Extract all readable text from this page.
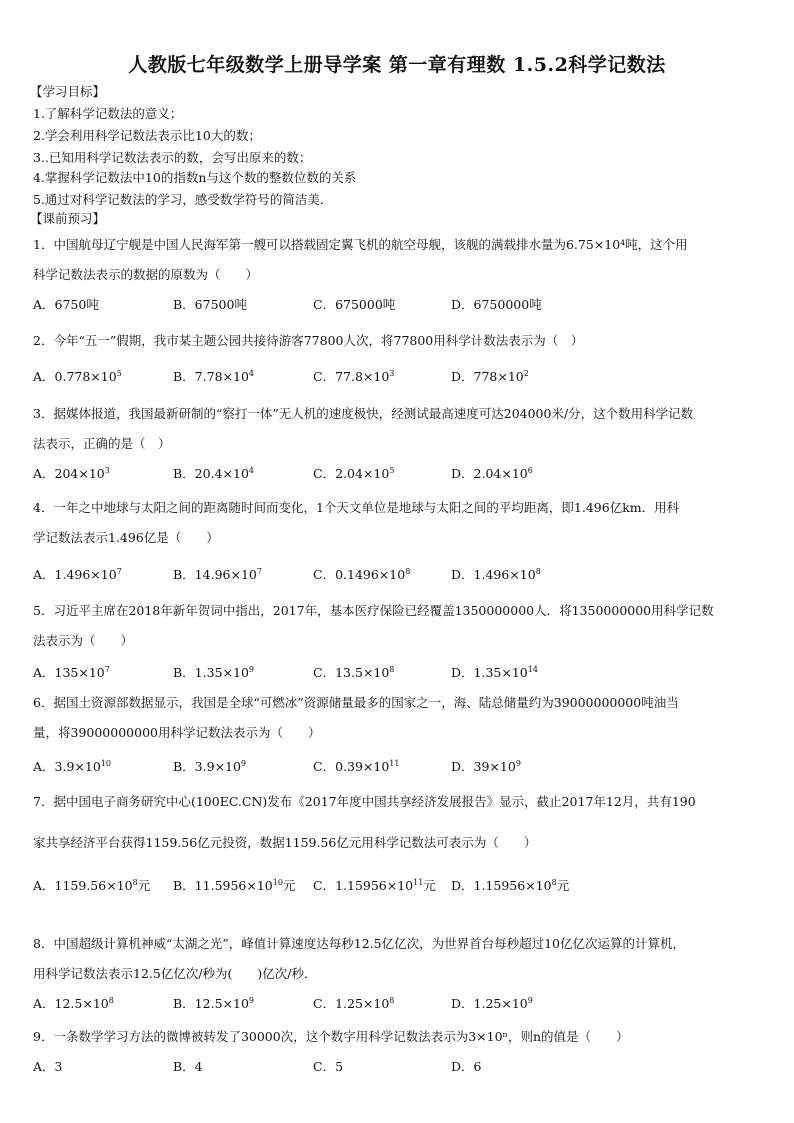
人教版七年级数学上册导学案 第一章有理数 1.5.2科学记数法
【学习目标】
1.了解科学记数法的意义；
2.学会利用科学记数法表示比10大的数；
3..已知用科学记数法表示的数，会写出原来的数；
4.掌握科学记数法中10的指数n与这个数的整数位数的关系
5.通过对科学记数法的学习，感受数学符号的简洁美．
【课前预习】
1．中国航母辽宁舰是中国人民海军第一艘可以搭载固定翼飞机的航空母舰，该舰的满载排水量为6.75×10⁴吨，这个用
科学记数法表示的数据的原数为（　　）
A．6750吨	B．67500吨	C．675000吨	D．6750000吨
2．今年“五一”假期，我市某主题公园共接待游客77800人次，将77800用科学计数法表示为（　）
A．$0.778\times 10^5$	B．$7.78\times 10^4$	C．$77.8\times 10^3$	D．$778\times 10^2$
3．据媒体报道，我国最新研制的“察打一体”无人机的速度极快，经测试最高速度可达204000米/分，这个数用科学记数
法表示，正确的是（　）
A．$204\times 10^3$	B．$20.4\times 10^4$	C．$2.04\times 10^5$	D．$2.04\times 10^6$
4．一年之中地球与太阳之间的距离随时间而变化，1个天文单位是地球与太阳之间的平均距离，即1.496亿km．用科
学记数法表示1.496亿是（　　）
A．$1.496\times 10^7$	B．$14.96\times 10^7$	C．$0.1496\times 10^8$	D．$1.496\times 10^8$
5．习近平主席在2018年新年贺词中指出，2017年，基本医疗保险已经覆盖1350000000人．将1350000000用科学记数
法表示为（　　）
A．$135\times 10^7$	B．$1.35\times 10^9$	C．$13.5\times 10^8$	D．$1.35\times 10^{14}$
6．据国土资源部数据显示，我国是全球“可燃冰”资源储量最多的国家之一，海、陆总储量约为39000000000吨油当
量，将39000000000用科学记数法表示为（　　）
A．$3.9\times 10^{10}$	B．$3.9\times 10^9$	C．$0.39\times 10^{11}$	D．$39\times 10^9$
7．据中国电子商务研究中心(100EC.CN)发布《2017年度中国共享经济发展报告》显示，截止2017年12月，共有190
家共享经济平台获得1159.56亿元投资，数据1159.56亿元用科学记数法可表示为（　　）
A．$1159.56\times 10^8$元 B．$11.5956\times 10^{10}$元 C．$1.15956\times 10^{11}$元 D．$1.15956\times 10^8$元
8．中国超级计算机神威“太湖之光”，峰值计算速度达每秒12.5亿亿次，为世界首台每秒超过10亿亿次运算的计算机，
用科学记数法表示12.5亿亿次/秒为(　　)亿次/秒．
A．$12.5\times 10^8$	B．$12.5\times 10^9$	C．$1.25\times 10^8$	D．$1.25\times 10^9$
9．一条数学学习方法的微博被转发了30000次，这个数字用科学记数法表示为3×10ⁿ，则n的值是（　　）
A．3	B．4	C．5	D．6
